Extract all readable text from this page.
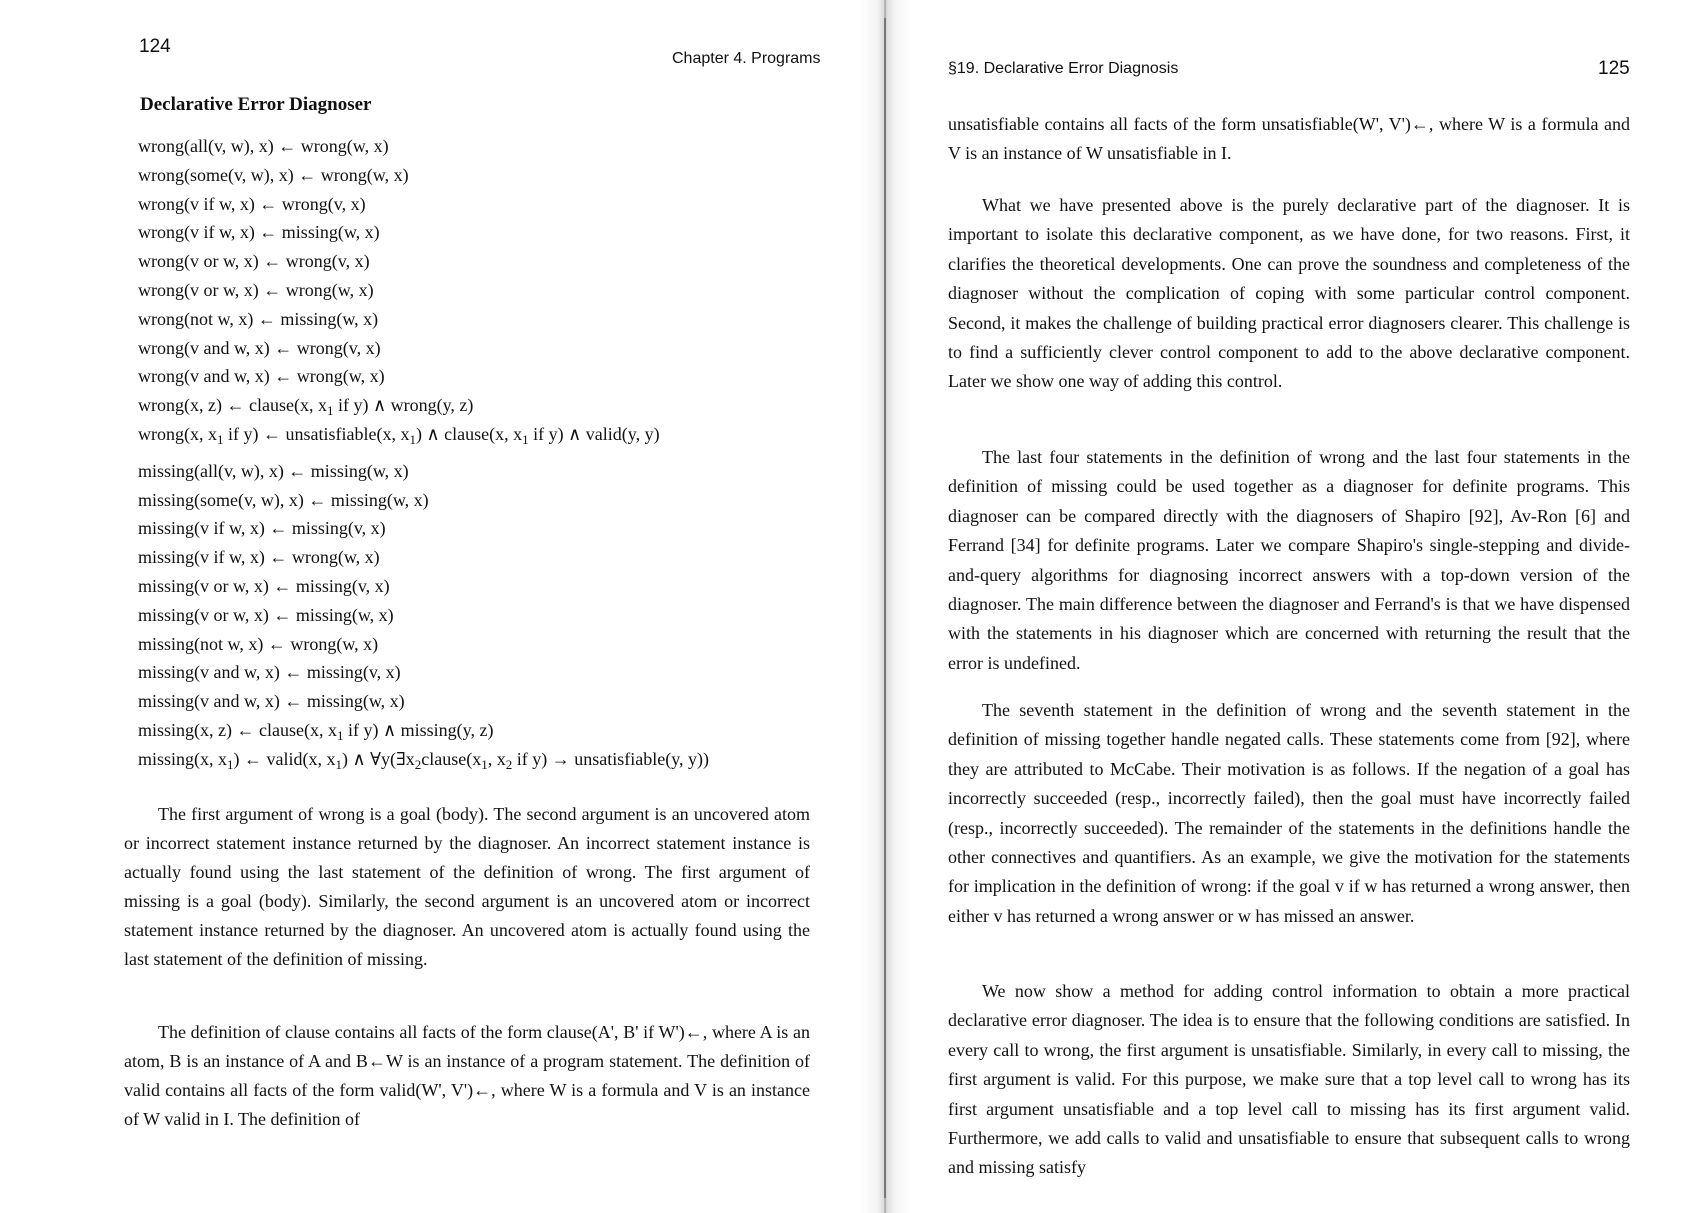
124
Chapter 4. Programs
Declarative Error Diagnoser
wrong(all(v, w), x) ← wrong(w, x)
wrong(some(v, w), x) ← wrong(w, x)
wrong(v if w, x) ← wrong(v, x)
wrong(v if w, x) ← missing(w, x)
wrong(v or w, x) ← wrong(v, x)
wrong(v or w, x) ← wrong(w, x)
wrong(not w, x) ← missing(w, x)
wrong(v and w, x) ← wrong(v, x)
wrong(v and w, x) ← wrong(w, x)
wrong(x, z) ← clause(x, $x_1$ if y) ∧ wrong(y, z)
wrong(x, $x_1$ if y) ← unsatisfiable(x, $x_1$) ∧ clause(x, $x_1$ if y) ∧ valid(y, y)
missing(all(v, w), x) ← missing(w, x)
missing(some(v, w), x) ← missing(w, x)
missing(v if w, x) ← missing(v, x)
missing(v if w, x) ← wrong(w, x)
missing(v or w, x) ← missing(v, x)
missing(v or w, x) ← missing(w, x)
missing(not w, x) ← wrong(w, x)
missing(v and w, x) ← missing(v, x)
missing(v and w, x) ← missing(w, x)
missing(x, z) ← clause(x, $x_1$ if y) ∧ missing(y, z)
missing(x, $x_1$) ← valid(x, $x_1$) ∧ $\forall y(\exists x_2clause(x_1$, $x_2$ if y) → unsatisfiable(y, y))

The first argument of wrong is a goal (body). The second argument is an uncovered atom or incorrect statement instance returned by the diagnoser. An incorrect statement instance is actually found using the last statement of the definition of wrong. The first argument of missing is a goal (body). Similarly, the second argument is an uncovered atom or incorrect statement instance returned by the diagnoser. An uncovered atom is actually found using the last statement of the definition of missing.

The definition of clause contains all facts of the form clause(A', B' if W')←, where A is an atom, B is an instance of A and B←W is an instance of a program statement. The definition of valid contains all facts of the form valid(W', V')←, where W is a formula and V is an instance of W valid in I. The definition of

§19. Declarative Error Diagnosis	125

unsatisfiable contains all facts of the form unsatisfiable(W', V')←, where W is a formula and V is an instance of W unsatisfiable in I.

What we have presented above is the purely declarative part of the diagnoser. It is important to isolate this declarative component, as we have done, for two reasons. First, it clarifies the theoretical developments. One can prove the soundness and completeness of the diagnoser without the complication of coping with some particular control component. Second, it makes the challenge of building practical error diagnosers clearer. This challenge is to find a sufficiently clever control component to add to the above declarative component. Later we show one way of adding this control.

The last four statements in the definition of wrong and the last four statements in the definition of missing could be used together as a diagnoser for definite programs. This diagnoser can be compared directly with the diagnosers of Shapiro [92], Av-Ron [6] and Ferrand [34] for definite programs. Later we compare Shapiro's single-stepping and divide-and-query algorithms for diagnosing incorrect answers with a top-down version of the diagnoser. The main difference between the diagnoser and Ferrand's is that we have dispensed with the statements in his diagnoser which are concerned with returning the result that the error is undefined.

The seventh statement in the definition of wrong and the seventh statement in the definition of missing together handle negated calls. These statements come from [92], where they are attributed to McCabe. Their motivation is as follows. If the negation of a goal has incorrectly succeeded (resp., incorrectly failed), then the goal must have incorrectly failed (resp., incorrectly succeeded). The remainder of the statements in the definitions handle the other connectives and quantifiers. As an example, we give the motivation for the statements for implication in the definition of wrong: if the goal v if w has returned a wrong answer, then either v has returned a wrong answer or w has missed an answer.

We now show a method for adding control information to obtain a more practical declarative error diagnoser. The idea is to ensure that the following conditions are satisfied. In every call to wrong, the first argument is unsatisfiable. Similarly, in every call to missing, the first argument is valid. For this purpose, we make sure that a top level call to wrong has its first argument unsatisfiable and a top level call to missing has its first argument valid. Furthermore, we add calls to valid and unsatisfiable to ensure that subsequent calls to wrong and missing satisfy
